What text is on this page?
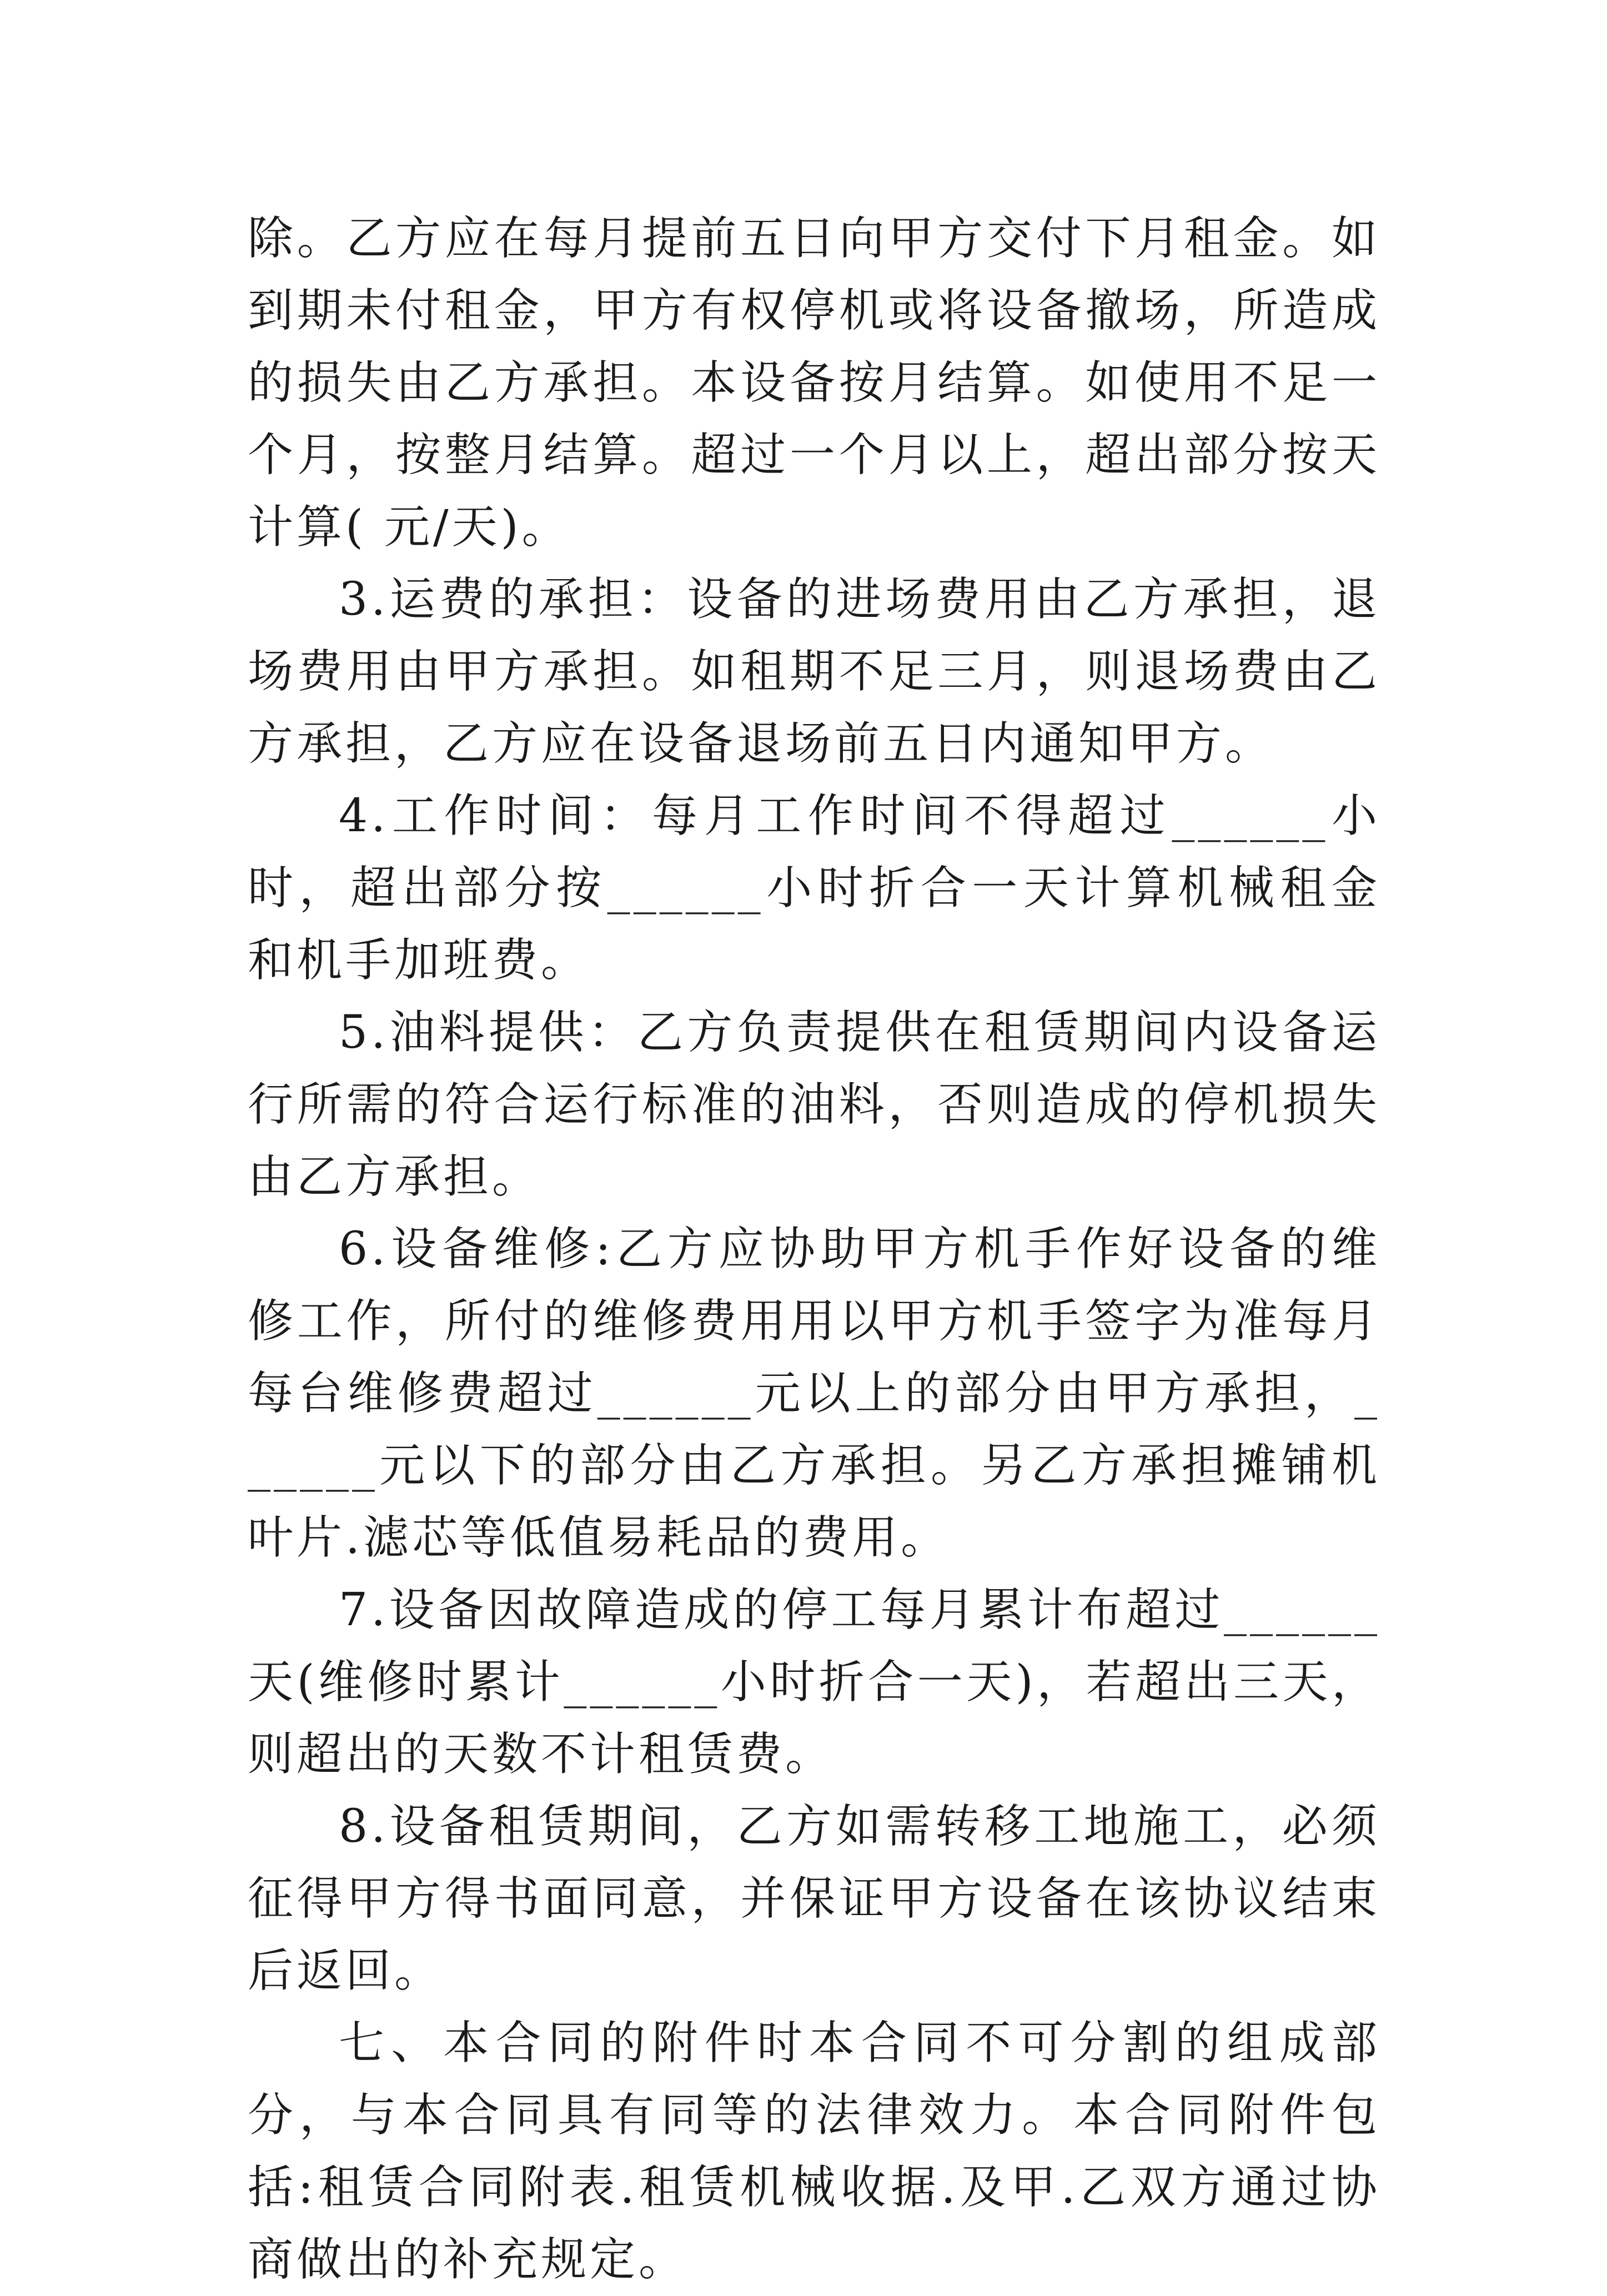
除。乙方应在每月提前五日向甲方交付下月租金。如到期未付租金，甲方有权停机或将设备撤场，所造成的损失由乙方承担。本设备按月结算。如使用不足一个月，按整月结算。超过一个月以上，超出部分按天计算( 元/天)。

3.运费的承担：设备的进场费用由乙方承担，退场费用由甲方承担。如租期不足三月，则退场费由乙方承担，乙方应在设备退场前五日内通知甲方。

4.工作时间：每月工作时间不得超过______小时，超出部分按______小时折合一天计算机械租金和机手加班费。

5.油料提供：乙方负责提供在租赁期间内设备运行所需的符合运行标准的油料，否则造成的停机损失由乙方承担。

6.设备维修:乙方应协助甲方机手作好设备的维修工作，所付的维修费用用以甲方机手签字为准每月每台维修费超过______元以上的部分由甲方承担，______元以下的部分由乙方承担。另乙方承担摊铺机叶片.滤芯等低值易耗品的费用。

7.设备因故障造成的停工每月累计布超过______天(维修时累计______小时折合一天)，若超出三天，则超出的天数不计租赁费。

8.设备租赁期间，乙方如需转移工地施工，必须征得甲方得书面同意，并保证甲方设备在该协议结束后返回。

七、本合同的附件时本合同不可分割的组成部分，与本合同具有同等的法律效力。本合同附件包括:租赁合同附表.租赁机械收据.及甲.乙双方通过协商做出的补充规定。
